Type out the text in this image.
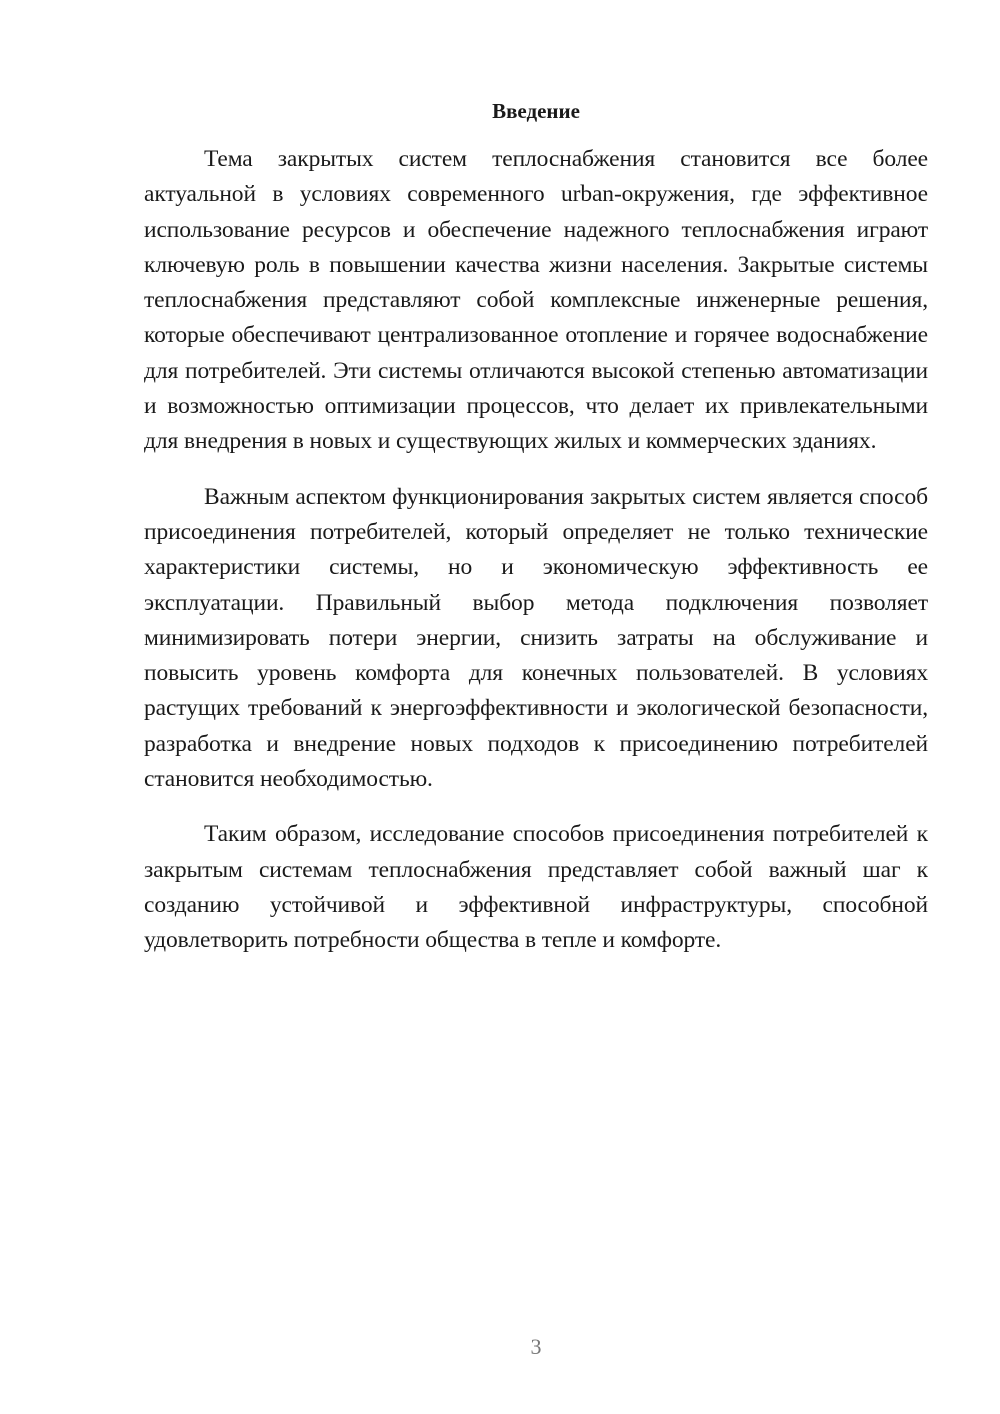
Введение

Тема закрытых систем теплоснабжения становится все более актуальной в условиях современного urban-окружения, где эффективное использование ресурсов и обеспечение надежного теплоснабжения играют ключевую роль в повышении качества жизни населения. Закрытые системы теплоснабжения представляют собой комплексные инженерные решения, которые обеспечивают централизованное отопление и горячее водоснабжение для потребителей. Эти системы отличаются высокой степенью автоматизации и возможностью оптимизации процессов, что делает их привлекательными для внедрения в новых и существующих жилых и коммерческих зданиях.

Важным аспектом функционирования закрытых систем является способ присоединения потребителей, который определяет не только технические характеристики системы, но и экономическую эффективность ее эксплуатации. Правильный выбор метода подключения позволяет минимизировать потери энергии, снизить затраты на обслуживание и повысить уровень комфорта для конечных пользователей. В условиях растущих требований к энергоэффективности и экологической безопасности, разработка и внедрение новых подходов к присоединению потребителей становится необходимостью.

Таким образом, исследование способов присоединения потребителей к закрытым системам теплоснабжения представляет собой важный шаг к созданию устойчивой и эффективной инфраструктуры, способной удовлетворить потребности общества в тепле и комфорте.

3
